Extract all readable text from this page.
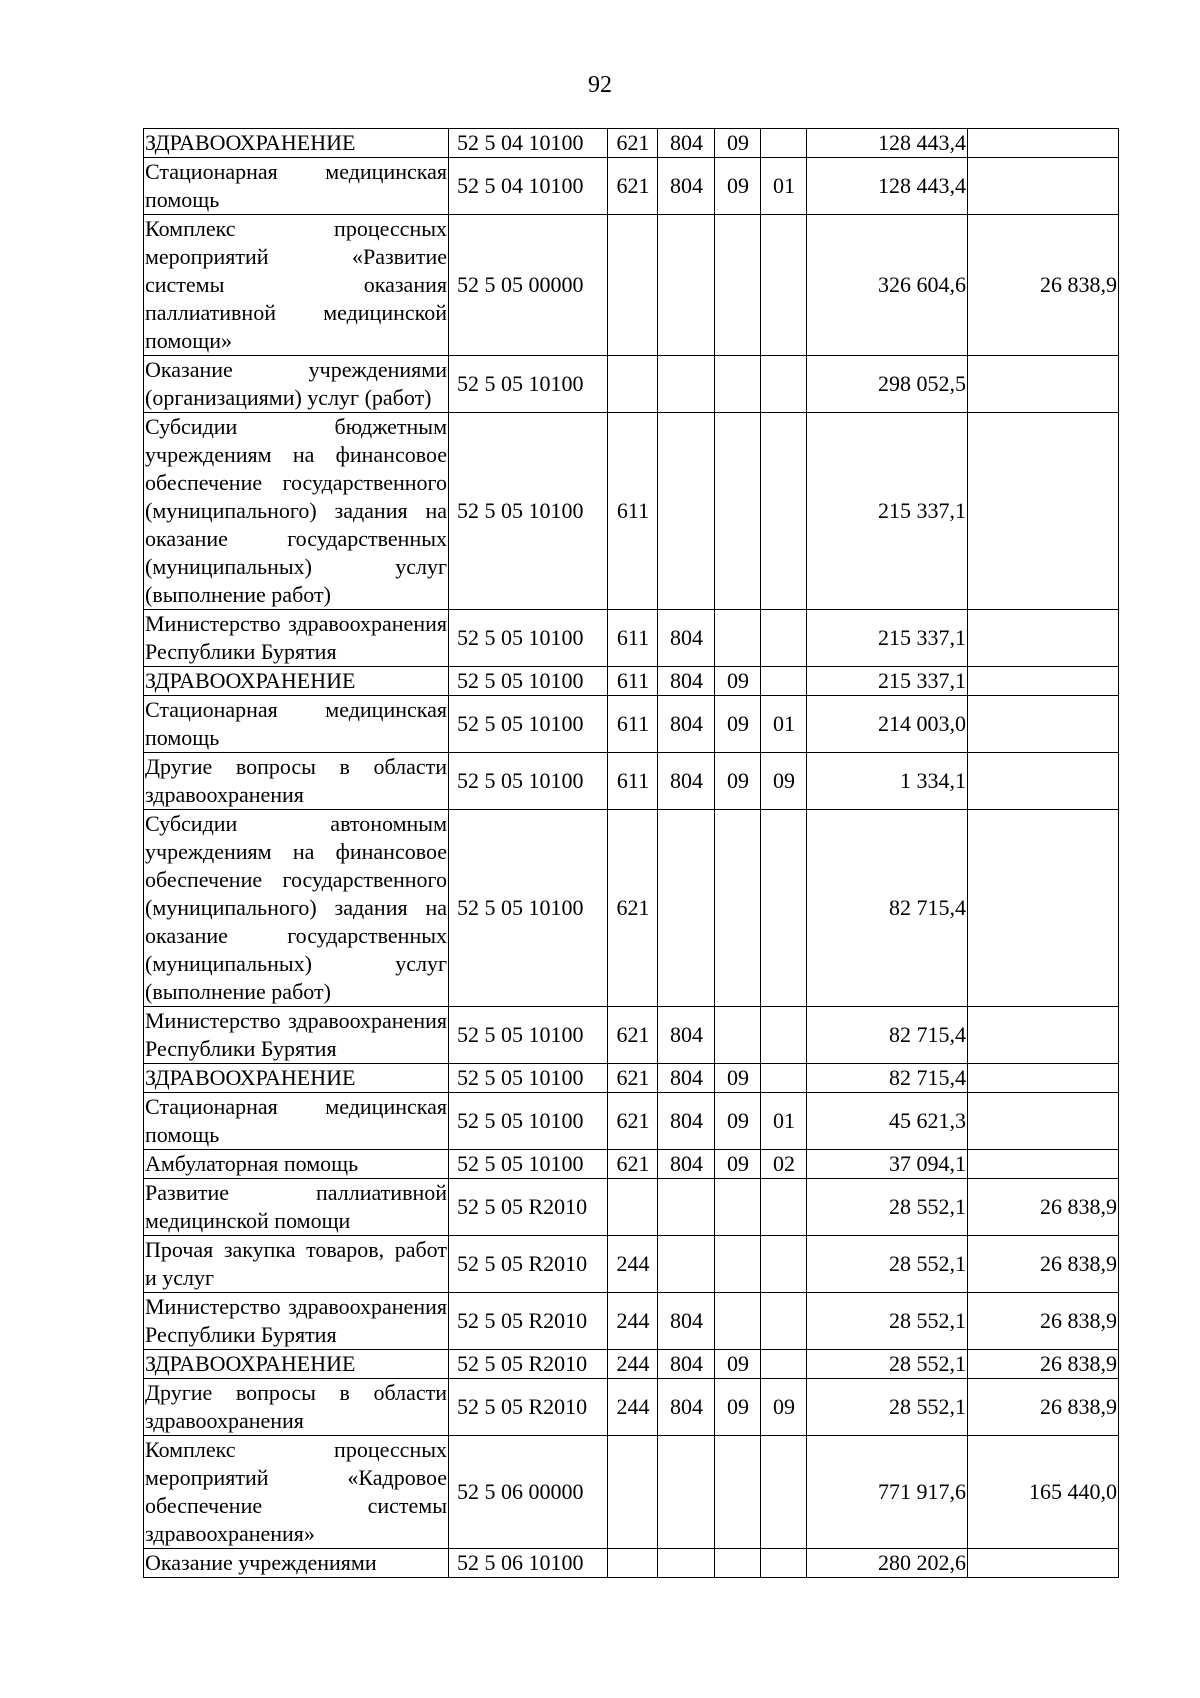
92
ЗДРАВООХРАНЕНИЕ	52 5 04 10100	621	804	09		128 443,4	
Стационарная медицинская помощь	52 5 04 10100	621	804	09	01	128 443,4	
Комплекс процессных мероприятий «Развитие системы оказания паллиативной медицинской помощи»	52 5 05 00000					326 604,6	26 838,9
Оказание учреждениями (организациями) услуг (работ)	52 5 05 10100					298 052,5	
Субсидии бюджетным учреждениям на финансовое обеспечение государственного (муниципального) задания на оказание государственных (муниципальных) услуг (выполнение работ)	52 5 05 10100	611				215 337,1	
Министерство здравоохранения Республики Бурятия	52 5 05 10100	611	804			215 337,1	
ЗДРАВООХРАНЕНИЕ	52 5 05 10100	611	804	09		215 337,1	
Стационарная медицинская помощь	52 5 05 10100	611	804	09	01	214 003,0	
Другие вопросы в области здравоохранения	52 5 05 10100	611	804	09	09	1 334,1	
Субсидии автономным учреждениям на финансовое обеспечение государственного (муниципального) задания на оказание государственных (муниципальных) услуг (выполнение работ)	52 5 05 10100	621				82 715,4	
Министерство здравоохранения Республики Бурятия	52 5 05 10100	621	804			82 715,4	
ЗДРАВООХРАНЕНИЕ	52 5 05 10100	621	804	09		82 715,4	
Стационарная медицинская помощь	52 5 05 10100	621	804	09	01	45 621,3	
Амбулаторная помощь	52 5 05 10100	621	804	09	02	37 094,1	
Развитие паллиативной медицинской помощи	52 5 05 R2010					28 552,1	26 838,9
Прочая закупка товаров, работ и услуг	52 5 05 R2010	244				28 552,1	26 838,9
Министерство здравоохранения Республики Бурятия	52 5 05 R2010	244	804			28 552,1	26 838,9
ЗДРАВООХРАНЕНИЕ	52 5 05 R2010	244	804	09		28 552,1	26 838,9
Другие вопросы в области здравоохранения	52 5 05 R2010	244	804	09	09	28 552,1	26 838,9
Комплекс процессных мероприятий «Кадровое обеспечение системы здравоохранения»	52 5 06 00000					771 917,6	165 440,0
Оказание учреждениями	52 5 06 10100					280 202,6	
